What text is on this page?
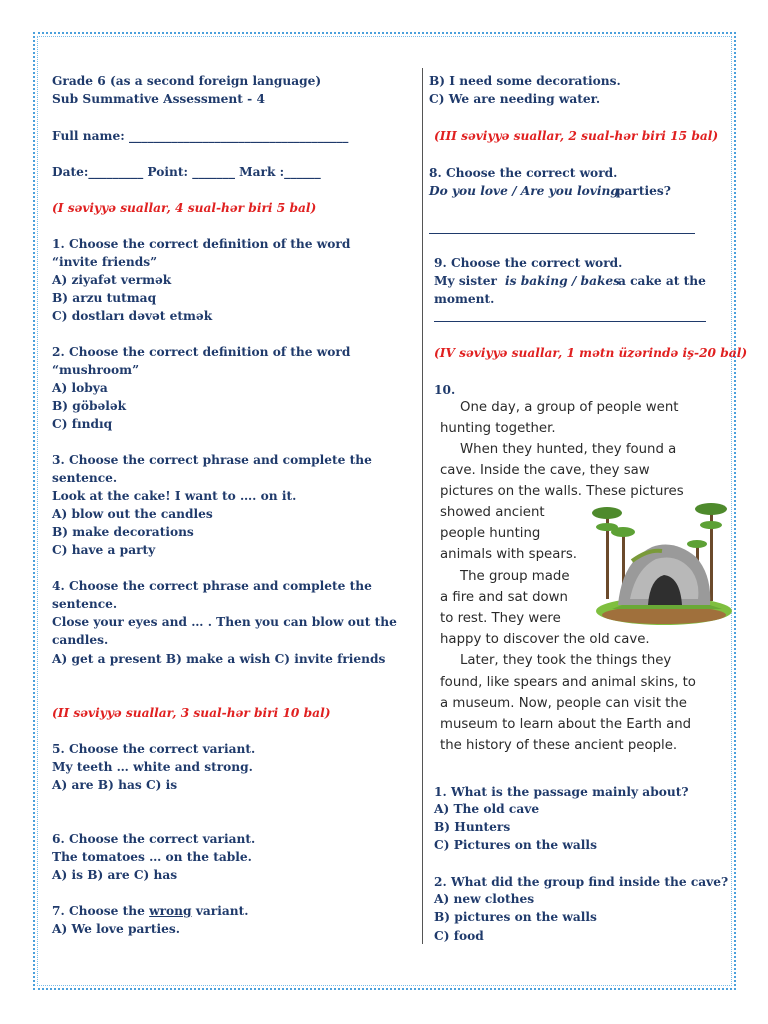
Grade 6 (as a second foreign language)
Sub Summative Assessment - 4
Full name: ____________________________________
Date:_________ Point: _______ Mark :______
(I səviyyə suallar, 4 sual-hər biri 5 bal)
1. Choose the correct definition of the word
“invite friends”
A) ziyafət vermək
B) arzu tutmaq
C) dostları dəvət etmək
2. Choose the correct definition of the word
“mushroom”
A) lobya
B) göbələk
C) fındıq
3. Choose the correct phrase and complete the
sentence.
Look at the cake! I want to …. on it.
A) blow out the candles
B) make decorations
C) have a party
4. Choose the correct phrase and complete the
sentence.
Close your eyes and … . Then you can blow out the
candles.
A) get a present B) make a wish C) invite friends
(II səviyyə suallar, 3 sual-hər biri 10 bal)
5. Choose the correct variant.
My teeth … white and strong.
A) are B) has C) is
6. Choose the correct variant.
The tomatoes … on the table.
A) is B) are C) has
7. Choose the wrong variant.
A) We love parties.
B) I need some decorations.
C) We are needing water.
(III səviyyə suallar, 2 sual-hər biri 15 bal)
8. Choose the correct word.
Do you love / Are you loving
parties?
9. Choose the correct word.
My sister is baking / bakes
a cake at the
moment.
(IV səviyyə suallar, 1 mətn üzərində iş-20 bal)
10.
One day, a group of people went
hunting together.
When they hunted, they found a
cave. Inside the cave, they saw
pictures on the walls. These pictures
showed ancient
people hunting
animals with spears.
The group made
a fire and sat down
to rest. They were
happy to discover the old cave.
Later, they took the things they
found, like spears and animal skins, to
a museum. Now, people can visit the
museum to learn about the Earth and
the history of these ancient people.
1. What is the passage mainly about?
A) The old cave
B) Hunters
C) Pictures on the walls
2. What did the group find inside the cave?
A) new clothes
B) pictures on the walls
C) food
